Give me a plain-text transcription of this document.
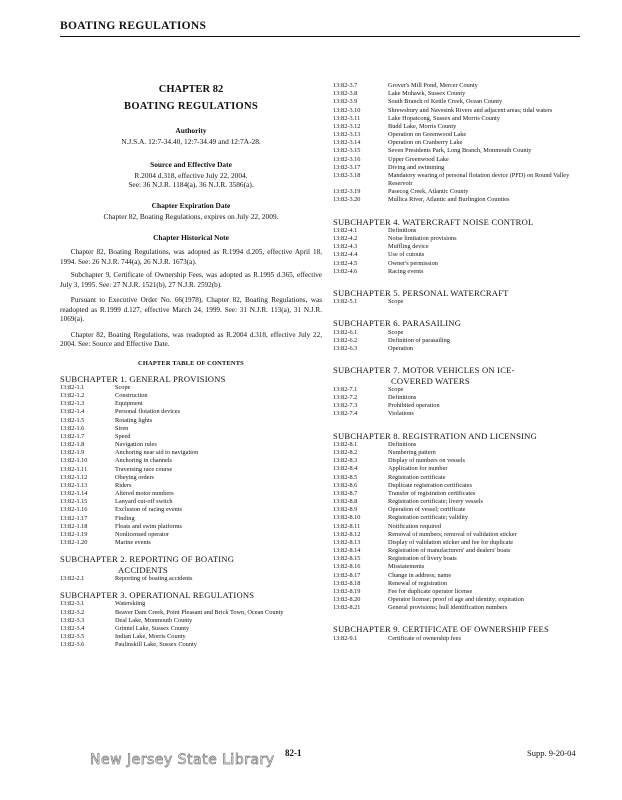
BOATING REGULATIONS
CHAPTER 82
BOATING REGULATIONS
Authority
N.J.S.A. 12:7-34.40, 12:7-34.49 and 12:7A-28.
Source and Effective Date
R.2004 d.318, effective July 22, 2004.
See: 36 N.J.R. 1184(a), 36 N.J.R. 3586(a).
Chapter Expiration Date
Chapter 82, Boating Regulations, expires on July 22, 2009.
Chapter Historical Note

Chapter 82, Boating Regulations, was adopted as R.1994 d.205, effective April 18, 1994. See: 26 N.J.R. 744(a), 26 N.J.R. 1673(a).

Subchapter 9, Certificate of Ownership Fees, was adopted as R.1995 d.365, effective July 3, 1995. See: 27 N.J.R. 1521(b), 27 N.J.R. 2592(b).

Pursuant to Executive Order No. 66(1978), Chapter 82, Boating Regulations, was readopted as R.1999 d.127, effective March 24, 1999. See: 31 N.J.R. 113(a), 31 N.J.R. 1069(a).

Chapter 82, Boating Regulations, was readopted as R.2004 d.318, effective July 22, 2004. See: Source and Effective Date.

CHAPTER TABLE OF CONTENTS
SUBCHAPTER 1. GENERAL PROVISIONS
13:82-1.1	Scope
13:82-1.2	Construction
13:82-1.3	Equipment
13:82-1.4	Personal flotation devices
13:82-1.5	Rotating lights
13:82-1.6	Siren
13:82-1.7	Speed
13:82-1.8	Navigation rules
13:82-1.9	Anchoring near aid to navigation
13:82-1.10	Anchoring in channels
13:82-1.11	Traversing race course
13:82-1.12	Obeying orders
13:82-1.13	Riders
13:82-1.14	Altered motor numbers
13:82-1.15	Lanyard cut-off switch
13:82-1.16	Exclusion of racing events
13:82-1.17	Finding
13:82-1.18	Floats and swim platforms
13:82-1.19	Nonlicensed operator
13:82-1.20	Marine events
SUBCHAPTER 2. REPORTING OF BOATING
ACCIDENTS
13:82-2.1	Reporting of boating accidents
SUBCHAPTER 3. OPERATIONAL REGULATIONS
13:82-3.1	Waterskiing
13:82-3.2	Beaver Dam Creek, Point Pleasant and Brick Town, Ocean County
13:82-3.3	Deal Lake, Monmouth County
13:82-3.4	Grinnel Lake, Sussex County
13:82-3.5	Indian Lake, Morris County
13:82-3.6	Paulinskill Lake, Sussex County
13:82-3.7	Grover's Mill Pond, Mercer County
13:82-3.8	Lake Mohawk, Sussex County
13:82-3.9	South Branch of Kettle Creek, Ocean County
13:82-3.10	Shrewsbury and Navesink Rivers and adjacent areas; tidal waters
13:82-3.11	Lake Hopatcong, Sussex and Morris County
13:82-3.12	Budd Lake, Morris County
13:82-3.13	Operation on Greenwood Lake
13:82-3.14	Operation on Cranberry Lake
13:82-3.15	Seven Presidents Park, Long Branch, Monmouth County
13:82-3.16	Upper Greenwood Lake
13:82-3.17	Diving and swimming
13:82-3.18	Mandatory wearing of personal flotation device (PFD) on Round Valley Reservoir
13:82-3.19	Pasecog Creek, Atlantic County
13:82-3.20	Mullica River, Atlantic and Burlington Counties
SUBCHAPTER 4. WATERCRAFT NOISE CONTROL
13:82-4.1	Definitions
13:82-4.2	Noise limitation provisions
13:82-4.3	Muffling device
13:82-4.4	Use of cutouts
13:82-4.5	Owner's permission
13:82-4.6	Racing events
SUBCHAPTER 5. PERSONAL WATERCRAFT
13:82-5.1	Scope
SUBCHAPTER 6. PARASAILING
13:82-6.1	Scope
13:82-6.2	Definition of parasailing
13:82-6.3	Operation
SUBCHAPTER 7. MOTOR VEHICLES ON ICE-
COVERED WATERS
13:82-7.1	Scope
13:82-7.2	Definitions
13:82-7.3	Prohibited operation
13:82-7.4	Violations
SUBCHAPTER 8. REGISTRATION AND LICENSING
13:82-8.1	Definitions
13:82-8.2	Numbering pattern
13:82-8.3	Display of numbers on vessels
13:82-8.4	Application for number
13:82-8.5	Registration certificate
13:82-8.6	Duplicate registration certificates
13:82-8.7	Transfer of registration certificates
13:82-8.8	Registration certificate; livery vessels
13:82-8.9	Operation of vessel; certificate
13:82-8.10	Registration certificate; validity
13:82-8.11	Notification required
13:82-8.12	Removal of numbers; removal of validation sticker
13:82-8.13	Display of validation sticker and fee for duplicate
13:82-8.14	Registration of manufacturers' and dealers' boats
13:82-8.15	Registration of livery boats
13:82-8.16	Misstatements
13:82-8.17	Change in address; name
13:82-8.18	Renewal of registration
13:82-8.19	Fee for duplicate operator license
13:82-8.20	Operator license; proof of age and identity; expiration
13:82-8.21	General provisions; hull identification numbers
SUBCHAPTER 9. CERTIFICATE OF OWNERSHIP FEES
13:82-9.1	Certificate of ownership fees
82-1	Supp. 9-20-04
New Jersey State Library
